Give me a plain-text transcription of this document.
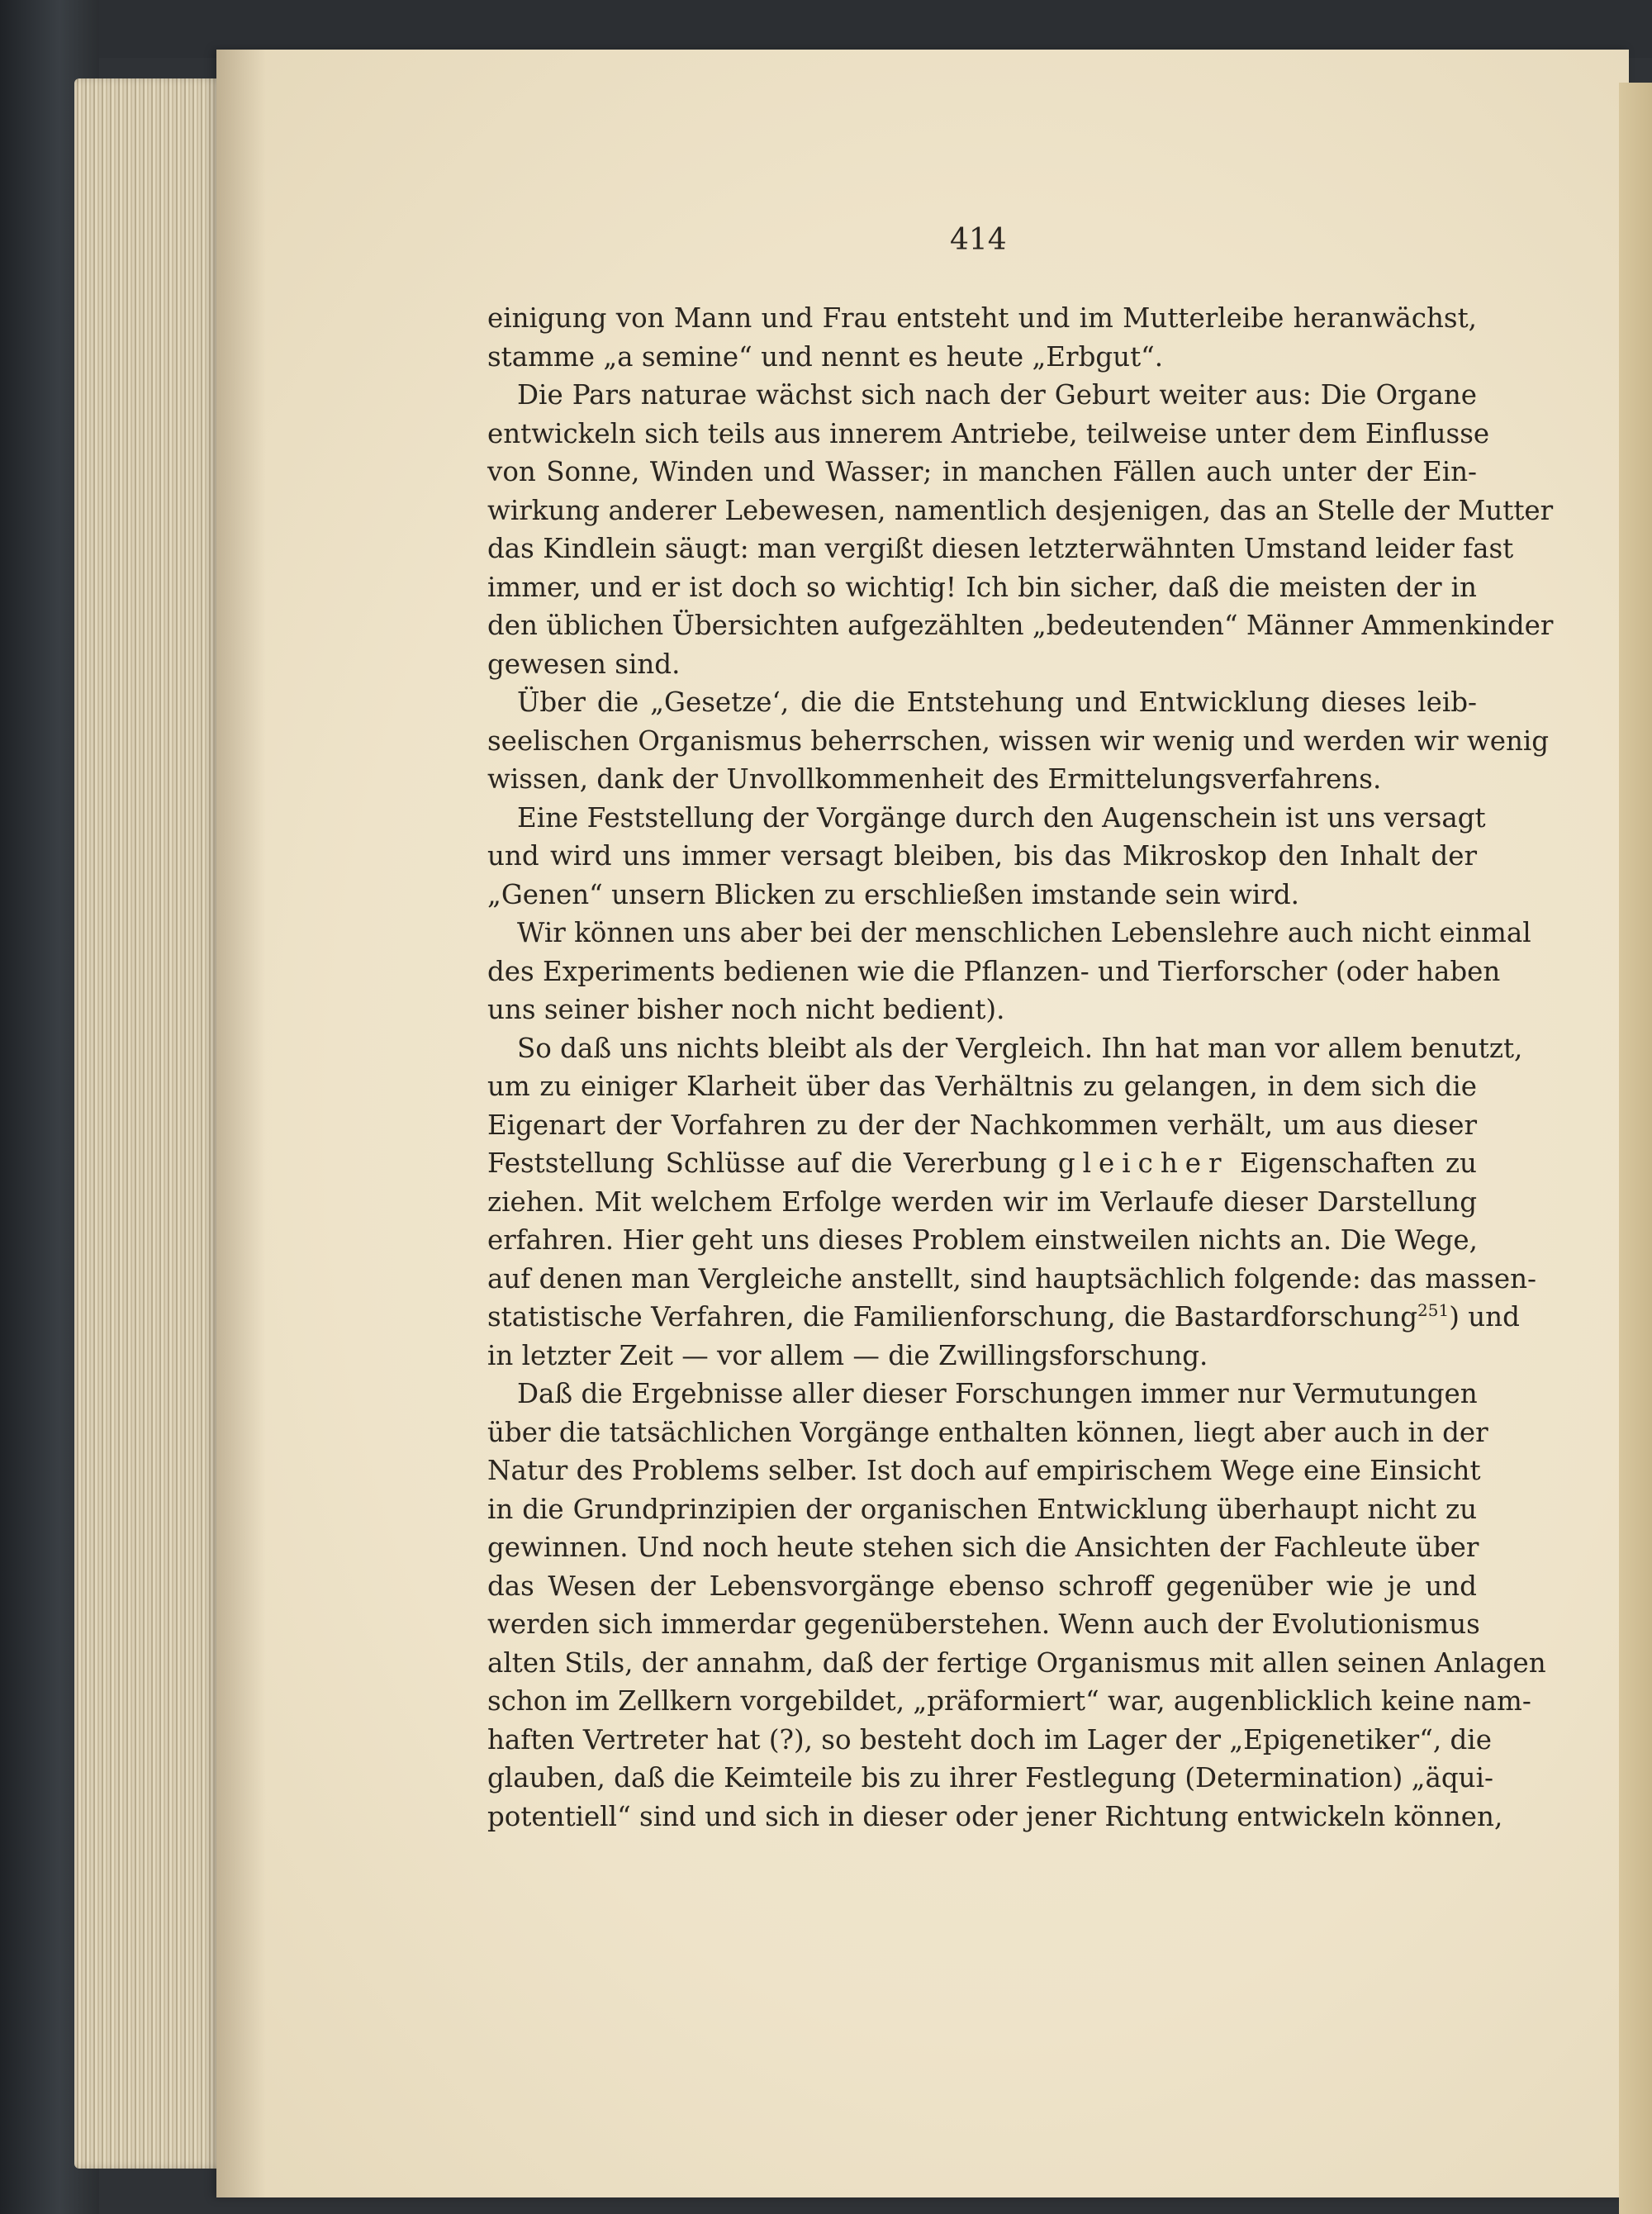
414
einigung von Mann und Frau entsteht und im Mutterleibe heranwächst,
stamme „a semine“ und nennt es heute „Erbgut“.
Die Pars naturae wächst sich nach der Geburt weiter aus: Die Organe
entwickeln sich teils aus innerem Antriebe, teilweise unter dem Einflusse
von Sonne, Winden und Wasser; in manchen Fällen auch unter der Ein-
wirkung anderer Lebewesen, namentlich desjenigen, das an Stelle der Mutter
das Kindlein säugt: man vergißt diesen letzterwähnten Umstand leider fast
immer, und er ist doch so wichtig! Ich bin sicher, daß die meisten der in
den üblichen Übersichten aufgezählten „bedeutenden“ Männer Ammenkinder
gewesen sind.
Über die „Gesetze‘, die die Entstehung und Entwicklung dieses leib-
seelischen Organismus beherrschen, wissen wir wenig und werden wir wenig
wissen, dank der Unvollkommenheit des Ermittelungsverfahrens.
Eine Feststellung der Vorgänge durch den Augenschein ist uns versagt
und wird uns immer versagt bleiben, bis das Mikroskop den Inhalt der
„Genen“ unsern Blicken zu erschließen imstande sein wird.
Wir können uns aber bei der menschlichen Lebenslehre auch nicht einmal
des Experiments bedienen wie die Pflanzen- und Tierforscher (oder haben
uns seiner bisher noch nicht bedient).
So daß uns nichts bleibt als der Vergleich. Ihn hat man vor allem benutzt,
um zu einiger Klarheit über das Verhältnis zu gelangen, in dem sich die
Eigenart der Vorfahren zu der der Nachkommen verhält, um aus dieser
Feststellung Schlüsse auf die Vererbung gleicher Eigenschaften zu
ziehen. Mit welchem Erfolge werden wir im Verlaufe dieser Darstellung
erfahren. Hier geht uns dieses Problem einstweilen nichts an. Die Wege,
auf denen man Vergleiche anstellt, sind hauptsächlich folgende: das massen-
statistische Verfahren, die Familienforschung, die Bastardforschung$^{251}$) und
in letzter Zeit — vor allem — die Zwillingsforschung.
Daß die Ergebnisse aller dieser Forschungen immer nur Vermutungen
über die tatsächlichen Vorgänge enthalten können, liegt aber auch in der
Natur des Problems selber. Ist doch auf empirischem Wege eine Einsicht
in die Grundprinzipien der organischen Entwicklung überhaupt nicht zu
gewinnen. Und noch heute stehen sich die Ansichten der Fachleute über
das Wesen der Lebensvorgänge ebenso schroff gegenüber wie je und
werden sich immerdar gegenüberstehen. Wenn auch der Evolutionismus
alten Stils, der annahm, daß der fertige Organismus mit allen seinen Anlagen
schon im Zellkern vorgebildet, „präformiert“ war, augenblicklich keine nam-
haften Vertreter hat (?), so besteht doch im Lager der „Epigenetiker“, die
glauben, daß die Keimteile bis zu ihrer Festlegung (Determination) „äqui-
potentiell“ sind und sich in dieser oder jener Richtung entwickeln können,
